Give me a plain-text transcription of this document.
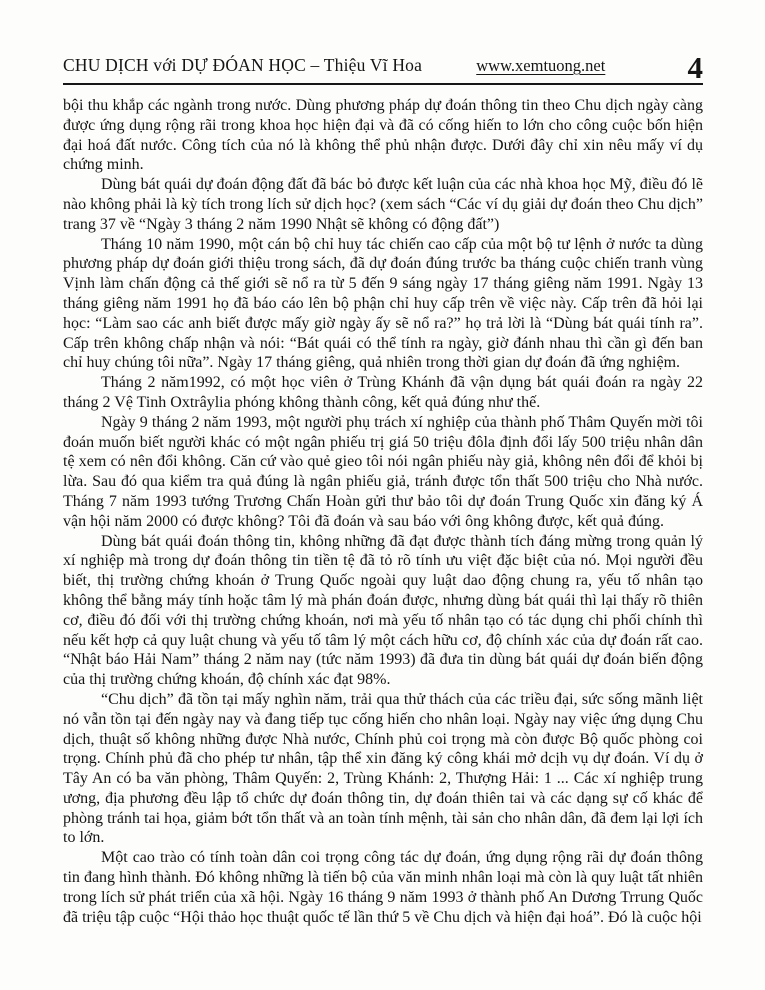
CHU DỊCH với DỰ ĐÓAN HỌC – Thiệu Vĩ Hoa	www.xemtuong.net	4

bội thu khắp các ngành trong nước. Dùng phương pháp dự đoán thông tin theo Chu dịch ngày càng được ứng dụng rộng rãi trong khoa học hiện đại và đã có cống hiến to lớn cho công cuộc bốn hiện đại hoá đất nước. Công tích của nó là không thể phủ nhận được. Dưới đây chỉ xin nêu mấy ví dụ chứng minh.

Dùng bát quái dự đoán động đất đã bác bỏ được kết luận của các nhà khoa học Mỹ, điều đó lẽ nào không phải là kỳ tích trong lích sử dịch học? (xem sách “Các ví dụ giải dự đoán theo Chu dịch” trang 37 về “Ngày 3 tháng 2 năm 1990 Nhật sẽ không có động đất”)

Tháng 10 năm 1990, một cán bộ chỉ huy tác chiến cao cấp của một bộ tư lệnh ở nước ta dùng phương pháp dự đoán giới thiệu trong sách, đã dự đoán đúng trước ba tháng cuộc chiến tranh vùng Vịnh làm chấn động cả thế giới sẽ nổ ra từ 5 đến 9 sáng ngày 17 tháng giêng năm 1991. Ngày 13 tháng giêng năm 1991 họ đã báo cáo lên bộ phận chỉ huy cấp trên về việc này. Cấp trên đã hỏi lại học: “Làm sao các anh biết được mấy giờ ngày ấy sẽ nổ ra?” họ trả lời là “Dùng bát quái tính ra”. Cấp trên không chấp nhận và nói: “Bát quái có thể tính ra ngày, giờ đánh nhau thì cần gì đến ban chỉ huy chúng tôi nữa”. Ngày 17 tháng giêng, quả nhiên trong thời gian dự đoán đã ứng nghiệm.

Tháng 2 năm1992, có một học viên ở Trùng Khánh đã vận dụng bát quái đoán ra ngày 22 tháng 2 Vệ Tinh Oxtrâylia phóng không thành công, kết quả đúng như thế.

Ngày 9 tháng 2 năm 1993, một người phụ trách xí nghiệp của thành phố Thâm Quyến mời tôi đoán muốn biết người khác có một ngân phiếu trị giá 50 triệu đôla định đổi lấy 500 triệu nhân dân tệ xem có nên đổi không. Căn cứ vào quẻ gieo tôi nói ngân phiếu này giả, không nên đổi để khỏi bị lừa. Sau đó qua kiểm tra quả đúng là ngân phiếu giả, tránh được tổn thất 500 triệu cho Nhà nước. Tháng 7 năm 1993 tướng Trương Chấn Hoàn gửi thư bảo tôi dự đoán Trung Quốc xin đăng ký Á vận hội năm 2000 có được không? Tôi đã đoán và sau báo với ông không được, kết quả đúng.

Dùng bát quái đoán thông tin, không những đã đạt được thành tích đáng mừng trong quản lý xí nghiệp mà trong dự đoán thông tin tiền tệ đã tỏ rõ tính ưu việt đặc biệt của nó. Mọi người đều biết, thị trường chứng khoán ở Trung Quốc ngoài quy luật dao động chung ra, yếu tố nhân tạo không thể bằng máy tính hoặc tâm lý mà phán đoán được, nhưng dùng bát quái thì lại thấy rõ thiên cơ, điều đó đối với thị trường chứng khoán, nơi mà yếu tố nhân tạo có tác dụng chi phối chính thì nếu kết hợp cả quy luật chung và yếu tố tâm lý một cách hữu cơ, độ chính xác của dự đoán rất cao. “Nhật báo Hải Nam” tháng 2 năm nay (tức năm 1993) đã đưa tin dùng bát quái dự đoán biến động của thị trường chứng khoán, độ chính xác đạt 98%.

“Chu dịch” đã tồn tại mấy nghìn năm, trải qua thử thách của các triều đại, sức sống mãnh liệt nó vẫn tồn tại đến ngày nay và đang tiếp tục cống hiến cho nhân loại. Ngày nay việc ứng dụng Chu dịch, thuật số không những được Nhà nước, Chính phủ coi trọng mà còn được Bộ quốc phòng coi trọng. Chính phủ đã cho phép tư nhân, tập thể xin đăng ký công khái mở dcịh vụ dự đoán. Ví dụ ở Tây An có ba văn phòng, Thâm Quyến: 2, Trùng Khánh: 2, Thượng Hải: 1 ... Các xí nghiệp trung ương, địa phương đều lập tổ chức dự đoán thông tin, dự đoán thiên tai và các dạng sự cố khác để phòng tránh tai họa, giảm bớt tổn thất và an toàn tính mệnh, tài sản cho nhân dân, đã đem lại lợi ích to lớn.

Một cao trào có tính toàn dân coi trọng công tác dự đoán, ứng dụng rộng rãi dự đoán thông tin đang hình thành. Đó không những là tiến bộ của văn minh nhân loại mà còn là quy luật tất nhiên trong lích sử phát triển của xã hội. Ngày 16 tháng 9 năm 1993 ở thành phố An Dương Trrung Quốc đã triệu tập cuộc “Hội thảo học thuật quốc tế lần thứ 5 về Chu dịch và hiện đại hoá”. Đó là cuộc hội
